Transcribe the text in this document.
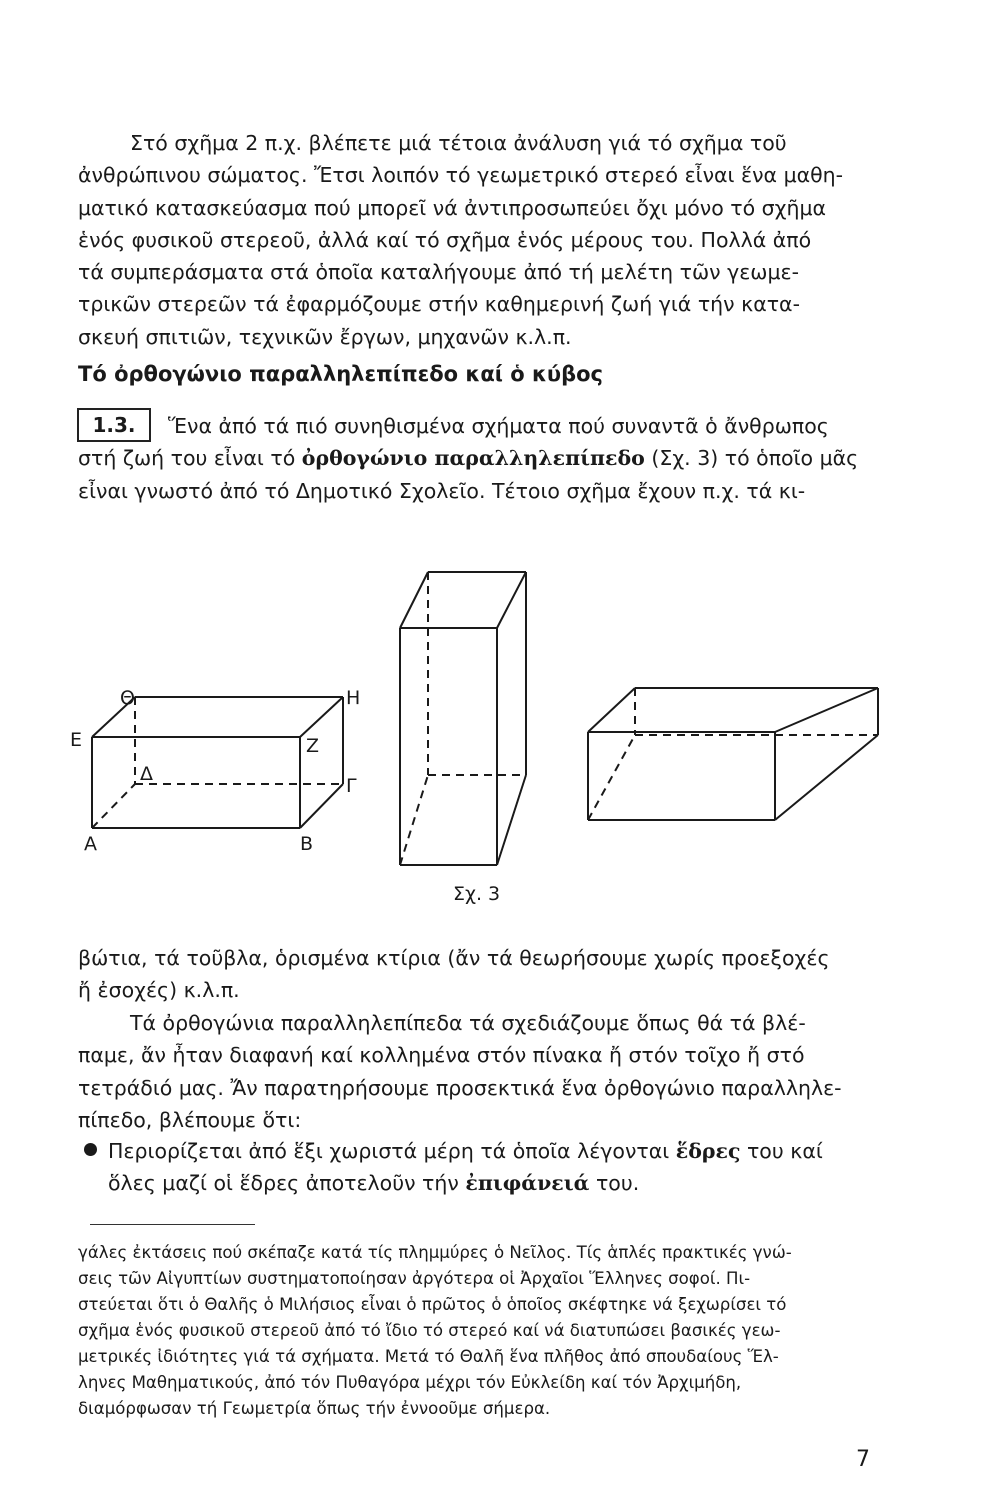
Στό σχῆμα 2 π.χ. βλέπετε μιά τέτοια ἀνάλυση γιά τό σχῆμα τοῦ
ἀνθρώπινου σώματος. Ἔτσι λοιπόν τό γεωμετρικό στερεό εἶναι ἕνα μαθη-
ματικό κατασκεύασμα πού μπορεῖ νά ἀντιπροσωπεύει ὄχι μόνο τό σχῆμα
ἑνός φυσικοῦ στερεοῦ, ἀλλά καί τό σχῆμα ἑνός μέρους του. Πολλά ἀπό
τά συμπεράσματα στά ὁποῖα καταλήγουμε ἀπό τή μελέτη τῶν γεωμε-
τρικῶν στερεῶν τά ἐφαρμόζουμε στήν καθημερινή ζωή γιά τήν κατα-
σκευή σπιτιῶν, τεχνικῶν ἔργων, μηχανῶν κ.λ.π.

Τό ὀρθογώνιο παραλληλεπίπεδο καί ὁ κύβος
1.3.	Ἕνα ἀπό τά πιό συνηθισμένα σχήματα πού συναντᾶ ὁ ἄνθρωπος
στή ζωή του εἶναι τό ὀρθογώνιο παραλληλεπίπεδο (Σχ. 3) τό ὁποῖο μᾶς
εἶναι γνωστό ἀπό τό Δημοτικό Σχολεῖο. Τέτοιο σχῆμα ἔχουν π.χ. τά κι-

Θ	Η
Ε	Ζ
Δ
Γ
Α	Β
Σχ. 3

βώτια, τά τοῦβλα, ὁρισμένα κτίρια (ἄν τά θεωρήσουμε χωρίς προεξοχές
ἤ ἐσοχές) κ.λ.π.

Τά ὀρθογώνια παραλληλεπίπεδα τά σχεδιάζουμε ὅπως θά τά βλέ-
παμε, ἄν ἦταν διαφανή καί κολλημένα στόν πίνακα ἤ στόν τοῖχο ἤ στό
τετράδιό μας. Ἄν παρατηρήσουμε προσεκτικά ἕνα ὀρθογώνιο παραλληλε-
πίπεδο, βλέπουμε ὅτι:

Περιορίζεται ἀπό ἕξι χωριστά μέρη τά ὁποῖα λέγονται ἕδρες του καί
ὅλες μαζί οἱ ἕδρες ἀποτελοῦν τήν ἐπιφάνειά του.

γάλες ἐκτάσεις πού σκέπαζε κατά τίς πλημμύρες ὁ Νεῖλος. Τίς ἁπλές πρακτικές γνώ-
σεις τῶν Αἰγυπτίων συστηματοποίησαν ἀργότερα οἱ Ἀρχαῖοι Ἕλληνες σοφοί. Πι-
στεύεται ὅτι ὁ Θαλῆς ὁ Μιλήσιος εἶναι ὁ πρῶτος ὁ ὁποῖος σκέφτηκε νά ξεχωρίσει τό
σχῆμα ἑνός φυσικοῦ στερεοῦ ἀπό τό ἴδιο τό στερεό καί νά διατυπώσει βασικές γεω-
μετρικές ἰδιότητες γιά τά σχήματα. Μετά τό Θαλῆ ἕνα πλῆθος ἀπό σπουδαίους Ἕλ-
ληνες Μαθηματικούς, ἀπό τόν Πυθαγόρα μέχρι τόν Εὐκλείδη καί τόν Ἀρχιμήδη,
διαμόρφωσαν τή Γεωμετρία ὅπως τήν ἐννοοῦμε σήμερα.

7
